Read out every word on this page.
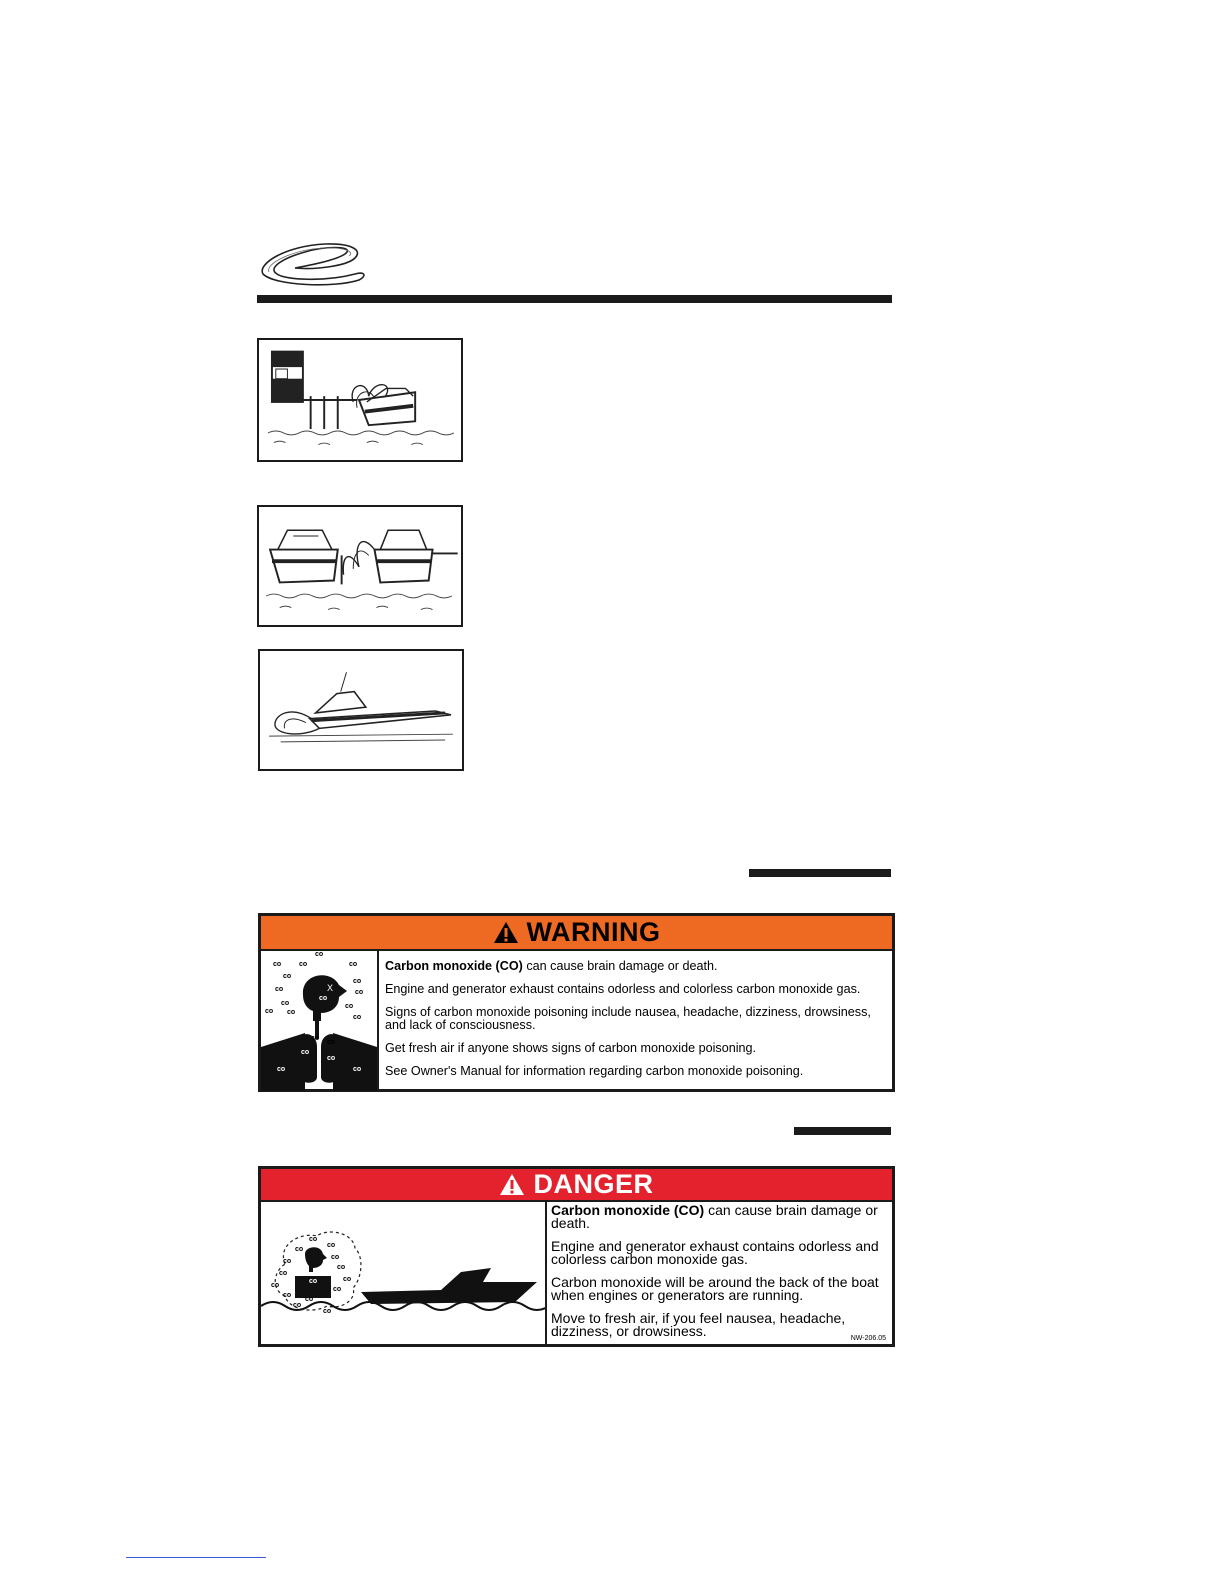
WARNING
X
co
co	co	co
co
co
co	co
co	co
co co
co
co
co
co
co
co
co	co

Carbon monoxide (CO) can cause brain damage or death.

Engine and generator exhaust contains odorless and colorless carbon monoxide gas.

Signs of carbon monoxide poisoning include nausea, headache, dizziness, drowsiness, and lack of consciousness.

Get fresh air if anyone shows signs of carbon monoxide poisoning.

See Owner's Manual for information regarding carbon monoxide poisoning.

DANGER
co
co
co
co
co
co
co
co
co
co
co
co
co
co
co

Carbon monoxide (CO) can cause brain damage or death.

Engine and generator exhaust contains odorless and colorless carbon monoxide gas.

Carbon monoxide will be around the back of the boat when engines or generators are running.

Move to fresh air, if you feel nausea, headache, dizziness, or drowsiness.	NW-206.05
